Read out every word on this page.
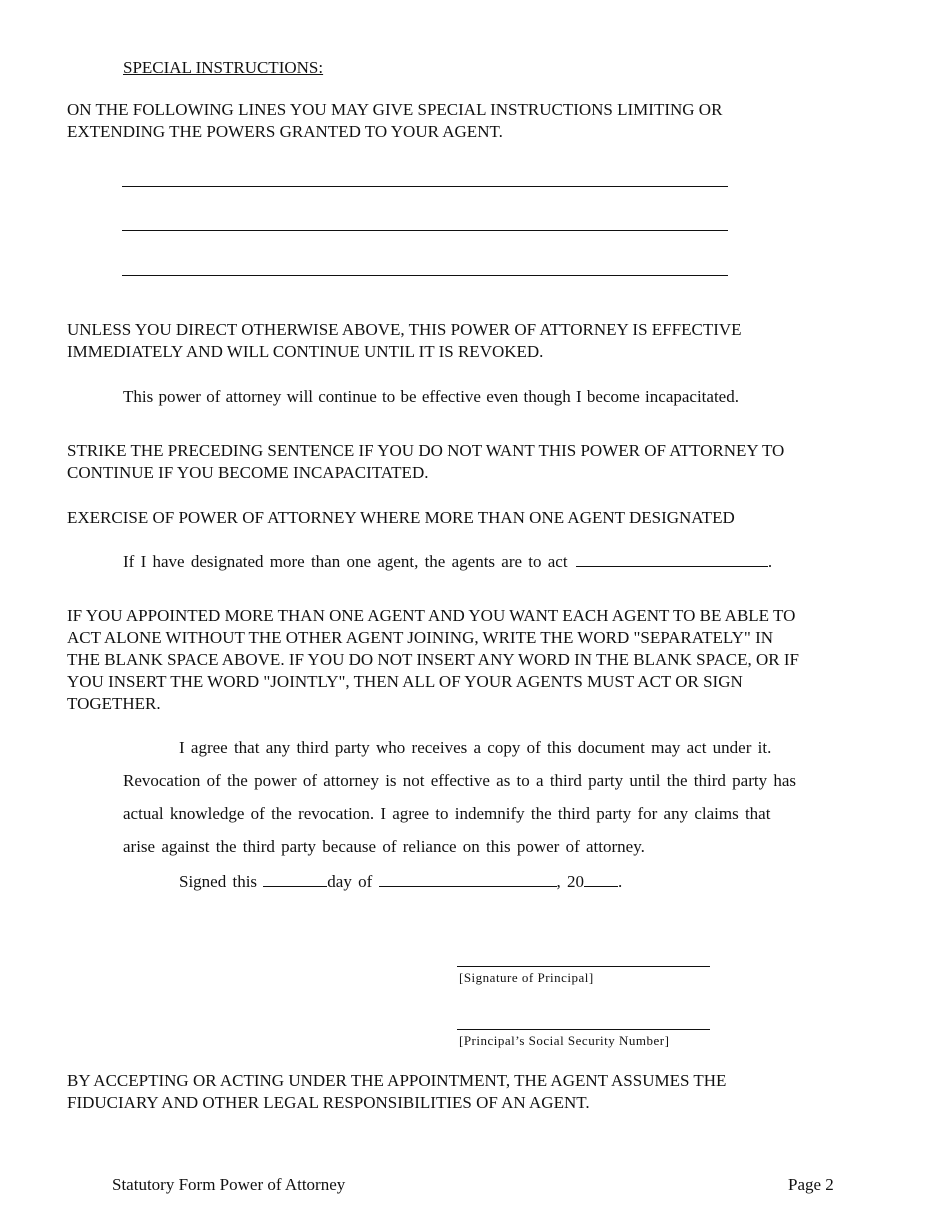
SPECIAL INSTRUCTIONS:

ON THE FOLLOWING LINES YOU MAY GIVE SPECIAL INSTRUCTIONS LIMITING OR

EXTENDING THE POWERS GRANTED TO YOUR AGENT.

UNLESS YOU DIRECT OTHERWISE ABOVE, THIS POWER OF ATTORNEY IS EFFECTIVE

IMMEDIATELY AND WILL CONTINUE UNTIL IT IS REVOKED.

This power of attorney will continue to be effective even though I become incapacitated.

STRIKE THE PRECEDING SENTENCE IF YOU DO NOT WANT THIS POWER OF ATTORNEY TO

CONTINUE IF YOU BECOME INCAPACITATED.

EXERCISE OF POWER OF ATTORNEY WHERE MORE THAN ONE AGENT DESIGNATED

If I have designated more than one agent, the agents are to act	.

IF YOU APPOINTED MORE THAN ONE AGENT AND YOU WANT EACH AGENT TO BE ABLE TO

ACT ALONE WITHOUT THE OTHER AGENT JOINING, WRITE THE WORD "SEPARATELY" IN

THE BLANK SPACE ABOVE. IF YOU DO NOT INSERT ANY WORD IN THE BLANK SPACE, OR IF

YOU INSERT THE WORD "JOINTLY", THEN ALL OF YOUR AGENTS MUST ACT OR SIGN

TOGETHER.

I agree that any third party who receives a copy of this document may act under it.

Revocation of the power of attorney is not effective as to a third party until the third party has

actual knowledge of the revocation. I agree to indemnify the third party for any claims that

arise against the third party because of reliance on this power of attorney.

Signed this	day of	, 20 .

[Signature of Principal]

[Principal’s Social Security Number]

BY ACCEPTING OR ACTING UNDER THE APPOINTMENT, THE AGENT ASSUMES THE

FIDUCIARY AND OTHER LEGAL RESPONSIBILITIES OF AN AGENT.

Statutory Form Power of Attorney	Page 2
